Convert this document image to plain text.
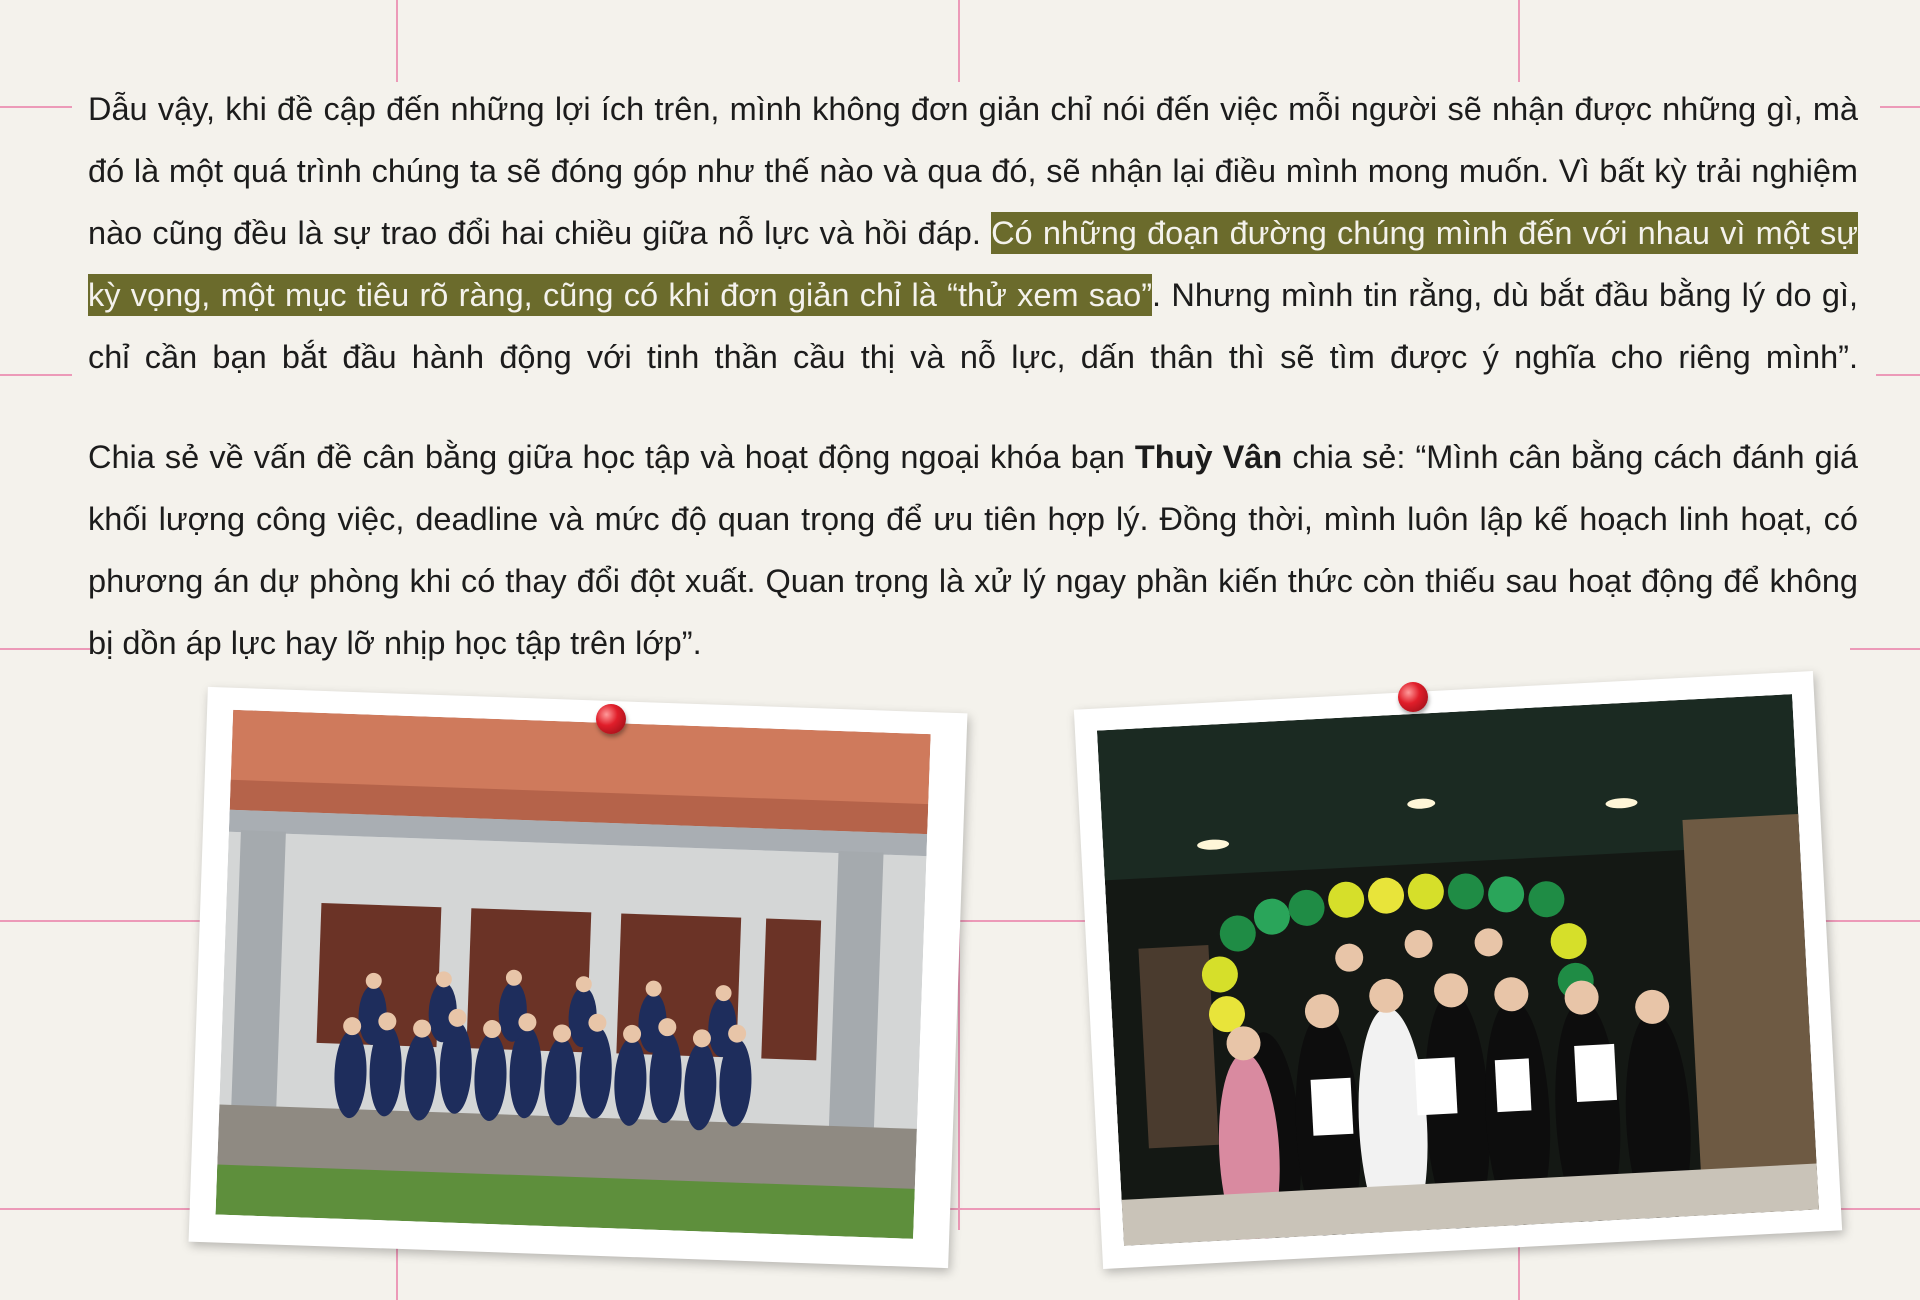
Dẫu vậy, khi đề cập đến những lợi ích trên, mình không đơn giản chỉ nói đến việc mỗi người sẽ nhận được những gì, mà đó là một quá trình chúng ta sẽ đóng góp như thế nào và qua đó, sẽ nhận lại điều mình mong muốn. Vì bất kỳ trải nghiệm nào cũng đều là sự trao đổi hai chiều giữa nỗ lực và hồi đáp. Có những đoạn đường chúng mình đến với nhau vì một sự kỳ vọng, một mục tiêu rõ ràng, cũng có khi đơn giản chỉ là “thử xem sao”. Nhưng mình tin rằng, dù bắt đầu bằng lý do gì, chỉ cần bạn bắt đầu hành động với tinh thần cầu thị và nỗ lực, dấn thân thì sẽ tìm được ý nghĩa cho riêng mình”.

Chia sẻ về vấn đề cân bằng giữa học tập và hoạt động ngoại khóa bạn Thuỳ Vân chia sẻ: “Mình cân bằng cách đánh giá khối lượng công việc, deadline và mức độ quan trọng để ưu tiên hợp lý. Đồng thời, mình luôn lập kế hoạch linh hoạt, có phương án dự phòng khi có thay đổi đột xuất. Quan trọng là xử lý ngay phần kiến thức còn thiếu sau hoạt động để không bị dồn áp lực hay lỡ nhịp học tập trên lớp”.
